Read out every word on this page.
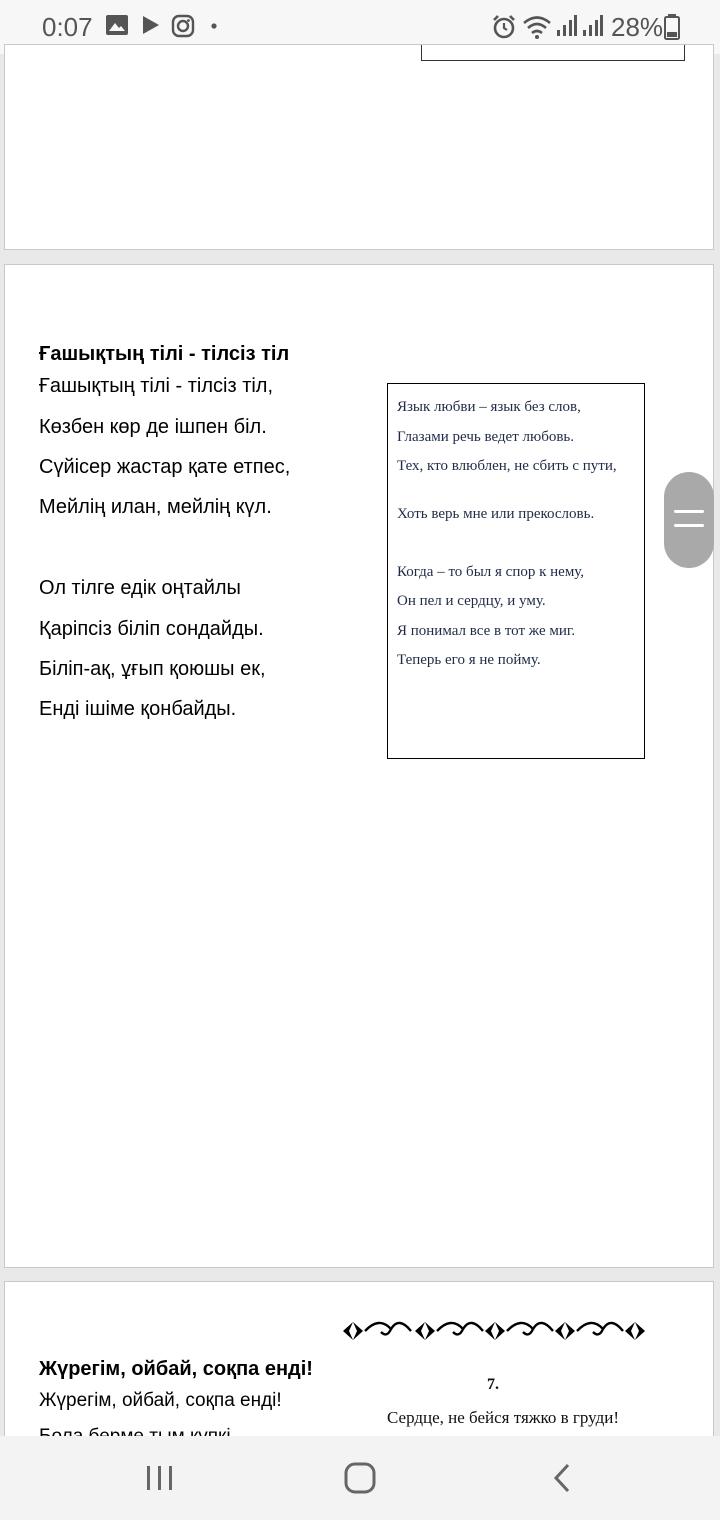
0:07	28%
Ғашықтың тілі - тілсіз тіл
Ғашықтың тілі - тілсіз тіл,
Көзбен көр де ішпен біл.
Сүйісер жастар қате етпес,
Мейлің илан, мейлің күл.
Ол тілге едік оңтайлы
Қаріпсіз біліп сондайды.
Біліп-ақ, ұғып қоюшы ек,
Енді ішіме қонбайды.
Язык любви – язык без слов,
Глазами речь ведет любовь.
Тех, кто влюблен, не сбить с пути,
Хоть верь мне или прекословь.
Когда – то был я спор к нему,
Он пел и сердцу, и уму.
Я понимал все в тот же миг.
Теперь его я не пойму.
Жүрегім, ойбай, соқпа енді!
Жүрегім, ойбай, соқпа енді!
7.
Сердце, не бейся тяжко в груди!
